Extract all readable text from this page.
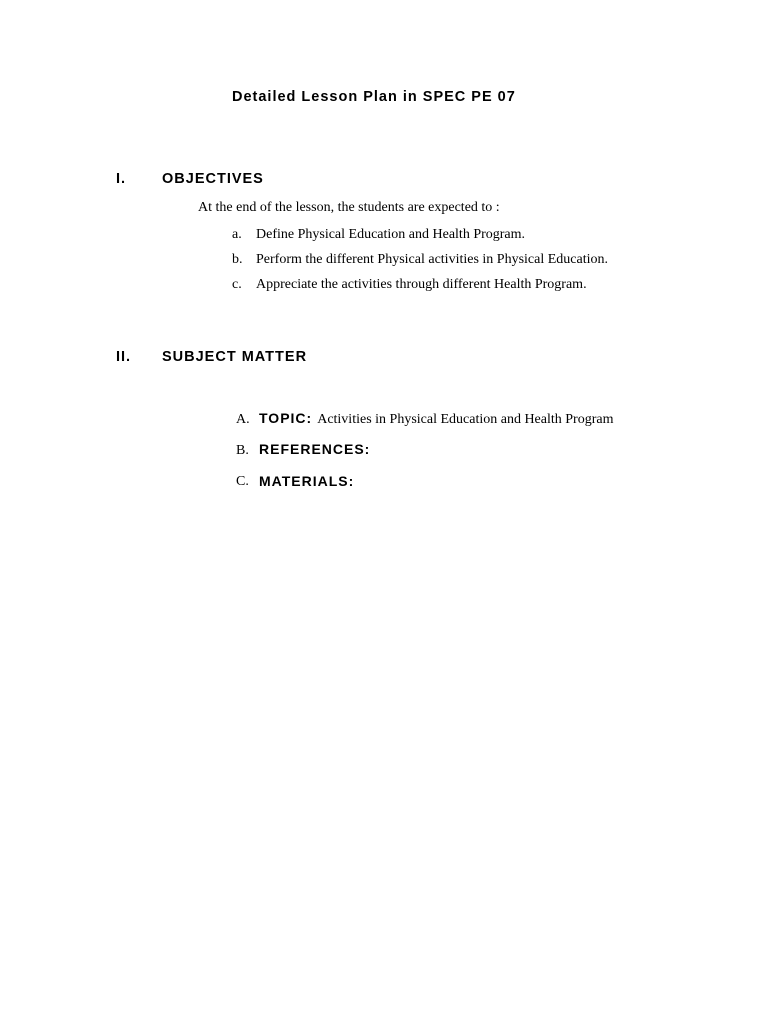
Detailed Lesson Plan in SPEC PE 07
I. OBJECTIVES
At the end of the lesson, the students are expected to :
a. Define Physical Education and Health Program.
b. Perform the different Physical activities in Physical Education.
c. Appreciate the activities through different Health Program.
II. SUBJECT MATTER
A. TOPIC: Activities in Physical Education and Health Program
B. REFERENCES:
C. MATERIALS:
